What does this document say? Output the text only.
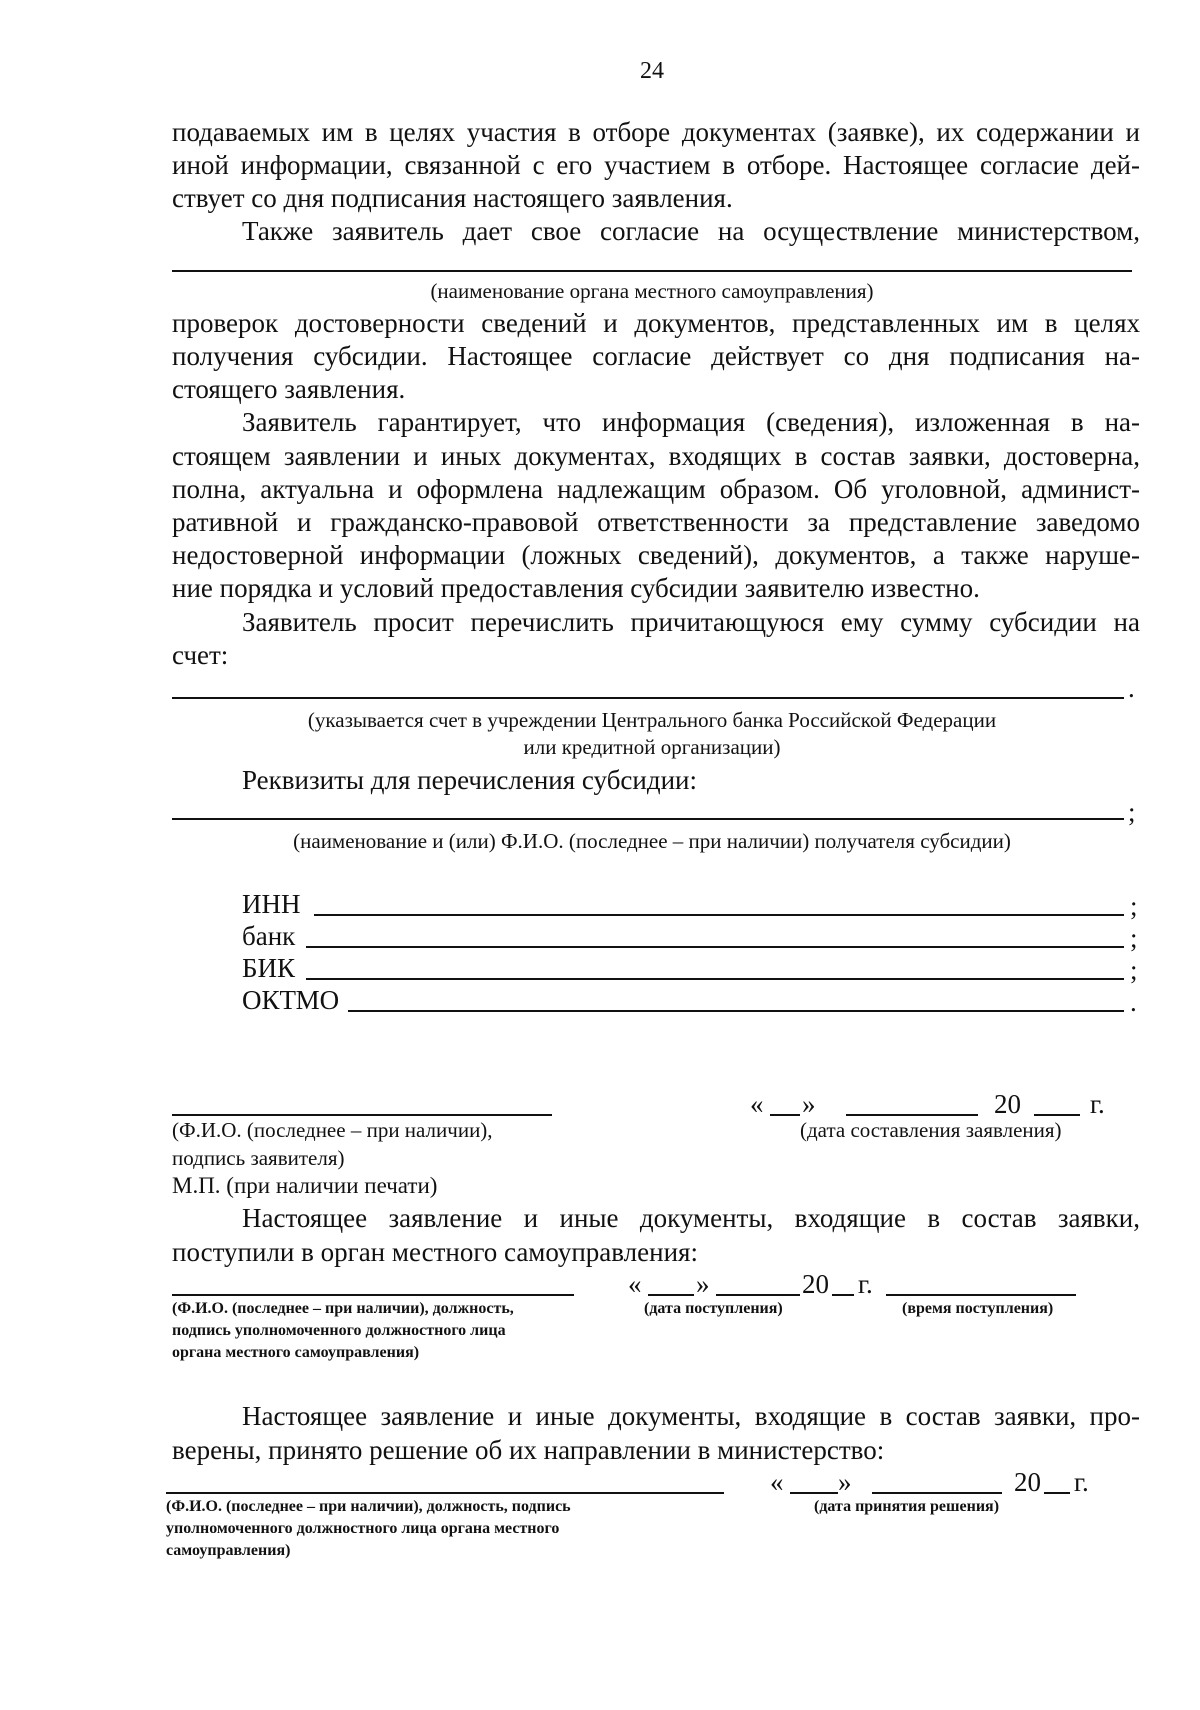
24
подаваемых им в целях участия в отборе документах (заявке), их содержании и
иной информации, связанной с его участием в отборе. Настоящее согласие дей-
ствует со дня подписания настоящего заявления.
Также заявитель дает свое согласие на осуществление министерством,
(наименование органа местного самоуправления)
проверок достоверности сведений и документов, представленных им в целях
получения субсидии. Настоящее согласие действует со дня подписания на-
стоящего заявления.
Заявитель гарантирует, что информация (сведения), изложенная в на-
стоящем заявлении и иных документах, входящих в состав заявки, достоверна,
полна, актуальна и оформлена надлежащим образом. Об уголовной, админист-
ративной и гражданско-правовой ответственности за представление заведомо
недостоверной информации (ложных сведений), документов, а также наруше-
ние порядка и условий предоставления субсидии заявителю известно.
Заявитель просит перечислить причитающуюся ему сумму субсидии на
счет:
.
(указывается счет в учреждении Центрального банка Российской Федерации
или кредитной организации)
Реквизиты для перечисления субсидии:
;
(наименование и (или) Ф.И.О. (последнее – при наличии) получателя субсидии)
ИНН	;
банк	;
БИК	;
ОКТМО	.
« »	20	г.
(Ф.И.О. (последнее – при наличии),
подпись заявителя)
(дата составления заявления)
М.П. (при наличии печати)
Настоящее заявление и иные документы, входящие в состав заявки,
поступили в орган местного самоуправления:
« »	20 г.
(Ф.И.О. (последнее – при наличии), должность,
подпись уполномоченного должностного лица
органа местного самоуправления)
(дата поступления)	(время поступления)
Настоящее заявление и иные документы, входящие в состав заявки, про-
верены, принято решение об их направлении в министерство:
« »	20 г.
(Ф.И.О. (последнее – при наличии), должность, подпись
уполномоченного должностного лица органа местного
самоуправления)
(дата принятия решения)
